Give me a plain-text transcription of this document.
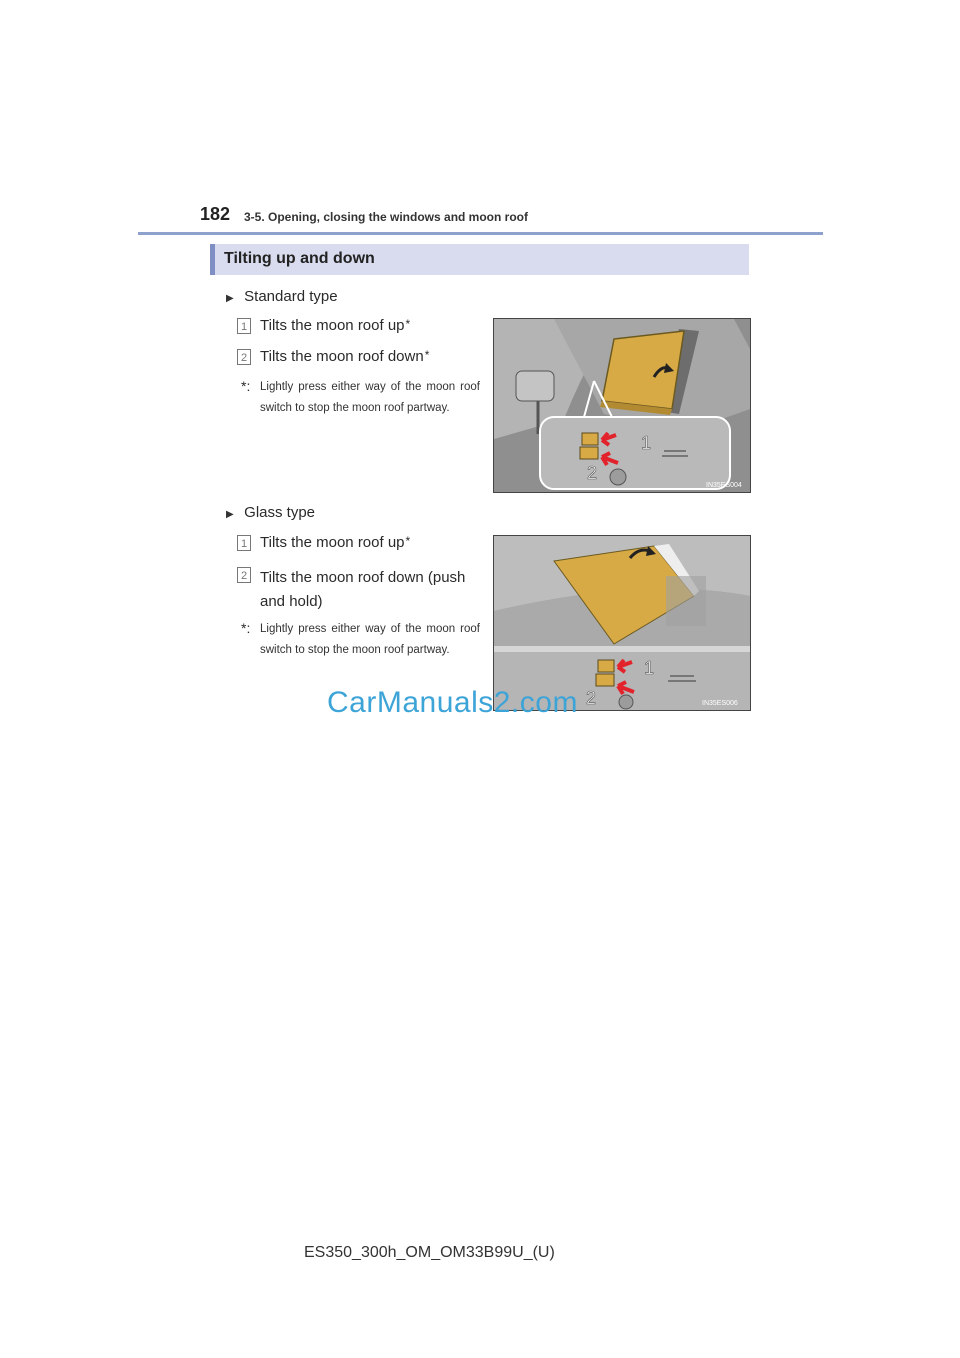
182 3-5. Opening, closing the windows and moon roof
Tilting up and down
▶ Standard type
1 Tilts the moon roof up*
2 Tilts the moon roof down*
*: Lightly press either way of the moon roof switch to stop the moon roof partway.
1
2
IN35ES004
▶ Glass type
1 Tilts the moon roof up*
2 Tilts the moon roof down (push
and hold)
*: Lightly press either way of the moon roof switch to stop the moon roof partway.
1
2	IN35ES006
CarManuals2.com
ES350_300h_OM_OM33B99U_(U)
